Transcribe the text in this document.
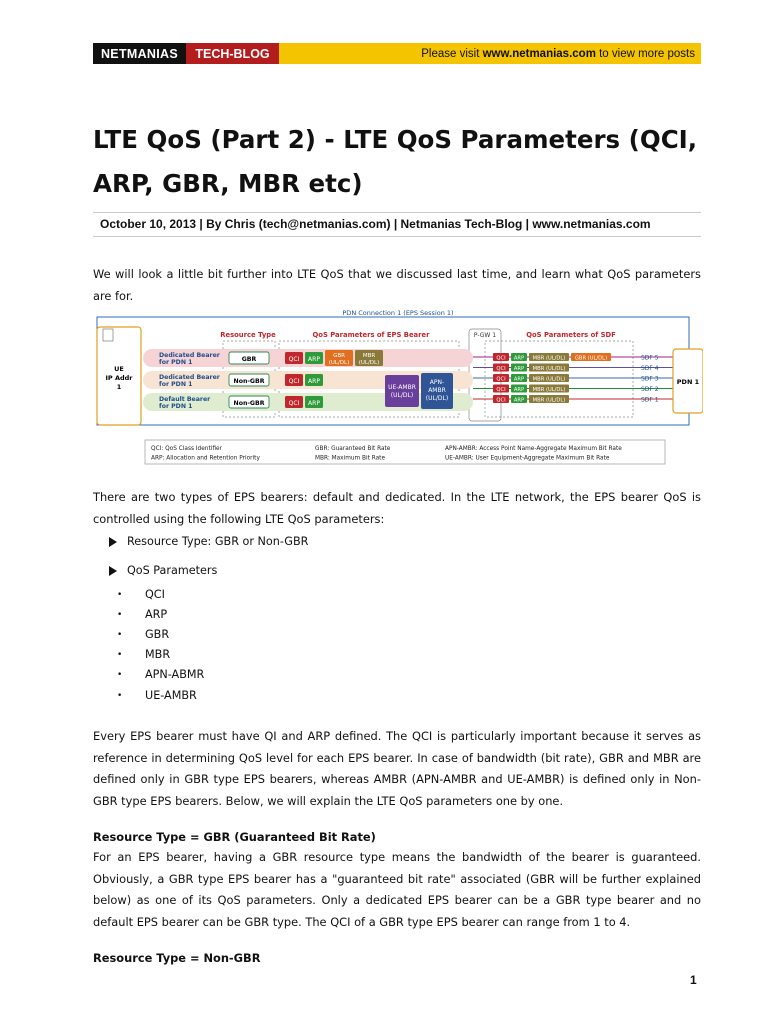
NETMANIAS	TECH-BLOG	Please visit www.netmanias.com to view more posts
LTE QoS (Part 2) - LTE QoS Parameters (QCI, ARP, GBR, MBR etc)
October 10, 2013 | By Chris (tech@netmanias.com) | Netmanias Tech-Blog | www.netmanias.com
We will look a little bit further into LTE QoS that we discussed last time, and learn what QoS parameters are for.
PDN Connection 1 (EPS Session 1)
UE
IP Addr
1
Resource Type	QoS Parameters of EPS Bearer	P-GW 1	QoS Parameters of SDF
Dedicated Bearer
for PDN 1
Dedicated Bearer
for PDN 1
Default Bearer
for PDN 1
GBR
Non-GBR
Non-GBR
QCI ARP GBR
(UL/DL)
MBR
(UL/DL)
QCI ARP
QCI ARP
UE-AMBR
(UL/DL)
APN-
AMBR
(UL/DL)
QCI ARP MBR (UL/DL) GBR (UL/DL)	SDF 5
QCI ARP MBR (UL/DL)	SDF 4
QCI ARP MBR (UL/DL)	SDF 3
QCI ARP MBR (UL/DL)	SDF 2
QCI ARP MBR (UL/DL)	SDF 1
PDN 1
QCI: QoS Class Identifier	GBR: Guaranteed Bit Rate	APN-AMBR: Access Point Name-Aggregate Maximum Bit Rate
ARP: Allocation and Retention Priority	MBR: Maximum Bit Rate	UE-AMBR: User Equipment-Aggregate Maximum Bit Rate
There are two types of EPS bearers: default and dedicated. In the LTE network, the EPS bearer QoS is controlled using the following LTE QoS parameters:
Resource Type: GBR or Non-GBR
QoS Parameters
•	QCI
•	ARP
•	GBR
•	MBR
•	APN-ABMR
•	UE-AMBR
Every EPS bearer must have QI and ARP defined. The QCI is particularly important because it serves as reference in determining QoS level for each EPS bearer. In case of bandwidth (bit rate), GBR and MBR are defined only in GBR type EPS bearers, whereas AMBR (APN-AMBR and UE-AMBR) is defined only in Non-GBR type EPS bearers. Below, we will explain the LTE QoS parameters one by one.
Resource Type = GBR (Guaranteed Bit Rate)
For an EPS bearer, having a GBR resource type means the bandwidth of the bearer is guaranteed. Obviously, a GBR type EPS bearer has a "guaranteed bit rate" associated (GBR will be further explained below) as one of its QoS parameters. Only a dedicated EPS bearer can be a GBR type bearer and no default EPS bearer can be GBR type. The QCI of a GBR type EPS bearer can range from 1 to 4.
Resource Type = Non-GBR
1
